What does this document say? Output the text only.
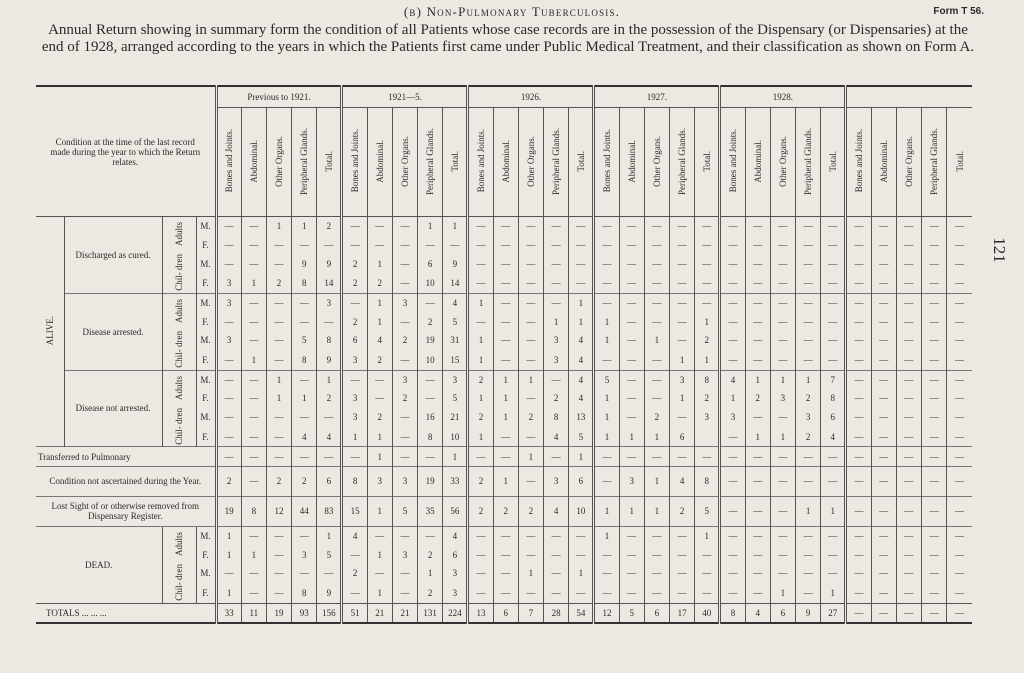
(b) Non-Pulmonary Tuberculosis.	Form T 56.
Annual Return showing in summary form the condition of all Patients whose case records are in the possession of the Dispensary (or Dispensaries) at the end of 1928, arranged according to the years in which the Patients first came under Public Medical Treatment, and their classification as shown on Form A.
121
Condition at the time of the last record made during the year to which the Return relates.				Previous to 1921.					1921—5.					1926.					1927.					1928.									
				Bones and Joints.	Abdominal.	Other Organs.	Peripheral Glands.	Total.	Bones and Joints.	Abdominal.	Other Organs.	Peripheral Glands.	Total.	Bones and Joints.	Abdominal.	Other Organs.	Peripheral Glands.	Total.	Bones and Joints.	Abdominal.	Other Organs.	Peripheral Glands.	Total.	Bones and Joints.	Abdominal.	Other Organs.	Peripheral Glands.	Total.	Bones and Joints.	Abdominal.	Other Organs.	Peripheral Glands.	Total.
ALIVE.	Discharged as cured.	Adults	M.	—	—	1	1	2	—	—	—	1	1	—	—	—	—	—	—	—	—	—	—	—	—	—	—	—	—	—	—	—	—
			F.	—	—	—	—	—	—	—	—	—	—	—	—	—	—	—	—	—	—	—	—	—	—	—	—	—	—	—	—	—	—
		Chil- dren	M.	—	—	—	9	9	2	1	—	6	9	—	—	—	—	—	—	—	—	—	—	—	—	—	—	—	—	—	—	—	—
			F.	3	1	2	8	14	2	2	—	10	14	—	—	—	—	—	—	—	—	—	—	—	—	—	—	—	—	—	—	—	—
	Disease arrested.	Adults	M.	3	—	—	—	3	—	1	3	—	4	1	—	—	—	1	—	—	—	—	—	—	—	—	—	—	—	—	—	—	—
			F.	—	—	—	—	—	2	1	—	2	5	—	—	—	1	1	1	—	—	—	1	—	—	—	—	—	—	—	—	—	—
		Chil- dren	M.	3	—	—	5	8	6	4	2	19	31	1	—	—	3	4	1	—	1	—	2	—	—	—	—	—	—	—	—	—	—
			F.	—	1	—	8	9	3	2	—	10	15	1	—	—	3	4	—	—	—	1	1	—	—	—	—	—	—	—	—	—	—
	Disease not arrested.	Adults	M.	—	—	1	—	1	—	—	3	—	3	2	1	1	—	4	5	—	—	3	8	4	1	1	1	7	—	—	—	—	—
			F.	—	—	1	1	2	3	—	2	—	5	1	1	—	2	4	1	—	—	1	2	1	2	3	2	8	—	—	—	—	—
		Chil- dren	M.	—	—	—	—	—	3	2	—	16	21	2	1	2	8	13	1	—	2	—	3	3	—	—	3	6	—	—	—	—	—
			F.	—	—	—	4	4	1	1	—	8	10	1	—	—	4	5	1	1	1	6		—	1	1	2	4	—	—	—	—	—
Transferred to Pulmonary				—	—	—	—	—	—	1	—	—	1	—	—	1	—	1	—	—	—	—	—	—	—	—	—	—	—	—	—	—	—
Condition not ascertained during the Year.				2	—	2	2	6	8	3	3	19	33	2	1	—	3	6	—	3	1	4	8	—	—	—	—	—	—	—	—	—	—
Lost Sight of or otherwise removed from Dispensary Register.				19	8	12	44	83	15	1	5	35	56	2	2	2	4	10	1	1	1	2	5	—	—	—	1	1	—	—	—	—	—
DEAD.		Adults	M.	1	—	—	—	1	4	—	—	—	4	—	—	—	—	—	1	—	—	—	1	—	—	—	—	—	—	—	—	—	—
			F.	1	1	—	3	5	—	1	3	2	6	—	—	—	—	—	—	—	—	—	—	—	—	—	—	—	—	—	—	—	—
		Chil- dren	M.	—	—	—	—	—	2	—	—	1	3	—	—	1	—	1	—	—	—	—	—	—	—	—	—	—	—	—	—	—	—
			F.	1	—	—	8	9	—	1	—	2	3	—	—	—	—	—	—	—	—	—	—	—	—	1	—	1	—	—	—	—	—
TOTALS ... ... ...				33	11	19	93	156	51	21	21	131	224	13	6	7	28	54	12	5	6	17	40	8	4	6	9	27	—	—	—	—	—
